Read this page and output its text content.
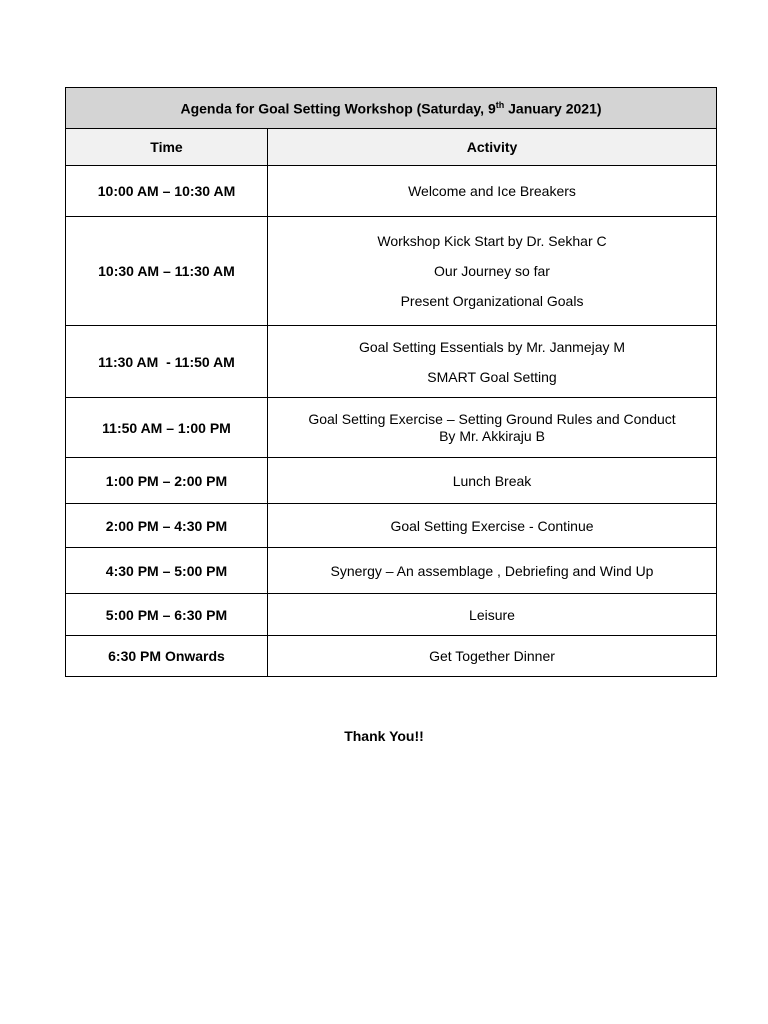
Agenda for Goal Setting Workshop (Saturday, 9th January 2021)	
Time	Activity
10:00 AM – 10:30 AM	Welcome and Ice Breakers

10:30 AM – 11:30 AM	Workshop Kick Start by Dr. Sekhar C
Our Journey so far
Present Organizational Goals

11:30 AM  - 11:50 AM	Goal Setting Essentials by Mr. Janmejay M
SMART Goal Setting

11:50 AM – 1:00 PM	Goal Setting Exercise – Setting Ground Rules and Conduct
By Mr. Akkiraju B

1:00 PM – 2:00 PM	Lunch Break

2:00 PM – 4:30 PM	Goal Setting Exercise - Continue

4:30 PM – 5:00 PM	Synergy – An assemblage , Debriefing and Wind Up

5:00 PM – 6:30 PM	Leisure

6:30 PM Onwards	Get Together Dinner
Thank You!!
